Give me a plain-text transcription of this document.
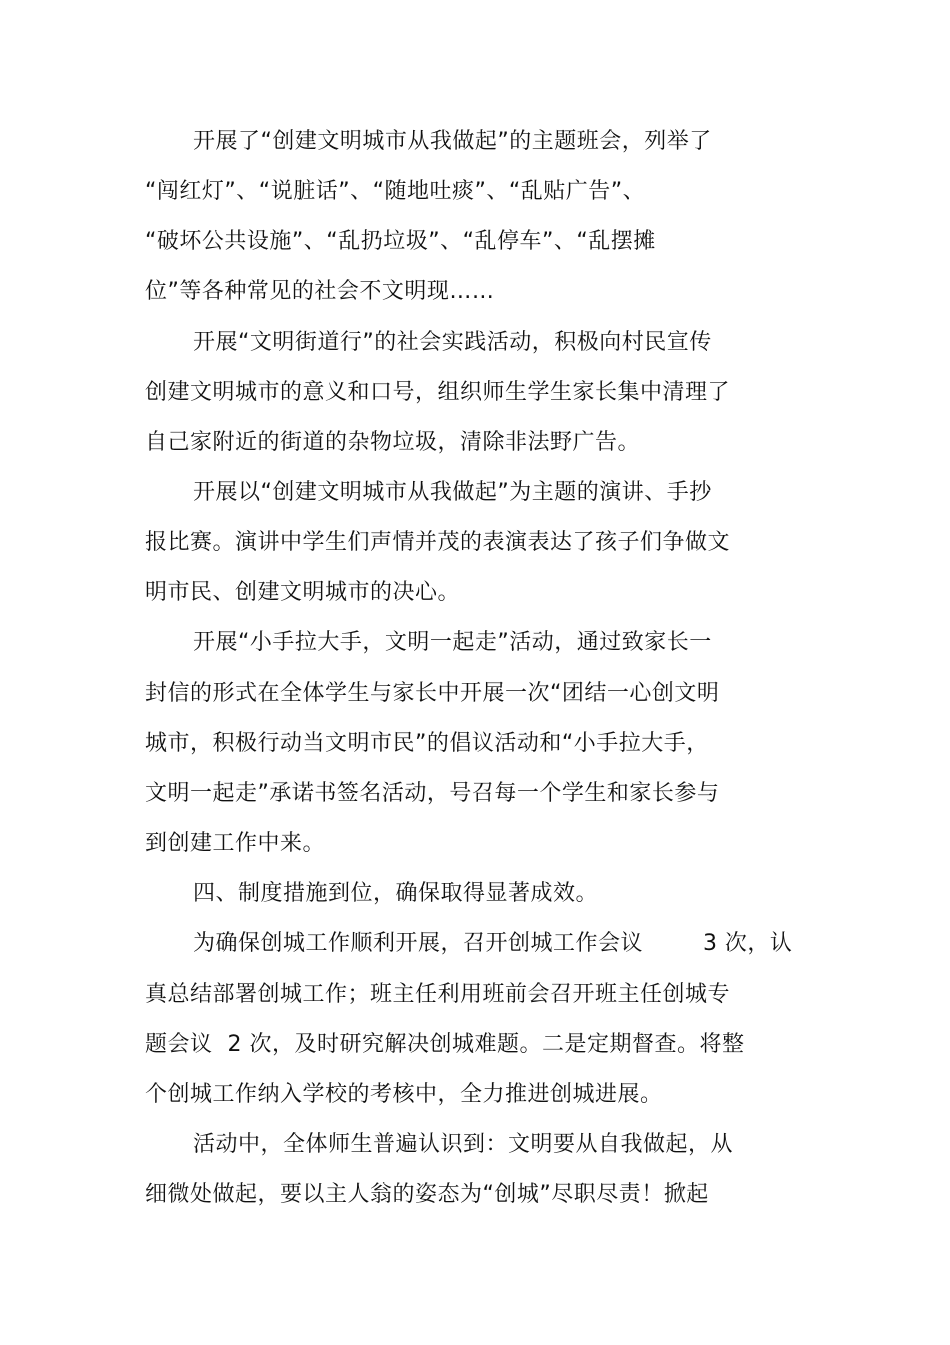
开展了“创建文明城市从我做起”的主题班会，列举了
“闯红灯”、“说脏话”、“随地吐痰”、“乱贴广告”、
“破坏公共设施”、“乱扔垃圾”、“乱停车”、“乱摆摊
位”等各种常见的社会不文明现……
开展“文明街道行”的社会实践活动，积极向村民宣传
创建文明城市的意义和口号，组织师生学生家长集中清理了
自己家附近的街道的杂物垃圾，清除非法野广告。
开展以“创建文明城市从我做起”为主题的演讲、手抄
报比赛。演讲中学生们声情并茂的表演表达了孩子们争做文
明市民、创建文明城市的决心。
开展“小手拉大手，文明一起走”活动，通过致家长一
封信的形式在全体学生与家长中开展一次“团结一心创文明
城市，积极行动当文明市民”的倡议活动和“小手拉大手，
文明一起走”承诺书签名活动，号召每一个学生和家长参与
到创建工作中来。
四、制度措施到位，确保取得显著成效。
为确保创城工作顺利开展，召开创城工作会议        3 次，认
真总结部署创城工作；班主任利用班前会召开班主任创城专
题会议  2 次，及时研究解决创城难题。二是定期督查。将整
个创城工作纳入学校的考核中，全力推进创城进展。
活动中，全体师生普遍认识到：文明要从自我做起，从
细微处做起，要以主人翁的姿态为“创城”尽职尽责！掀起
